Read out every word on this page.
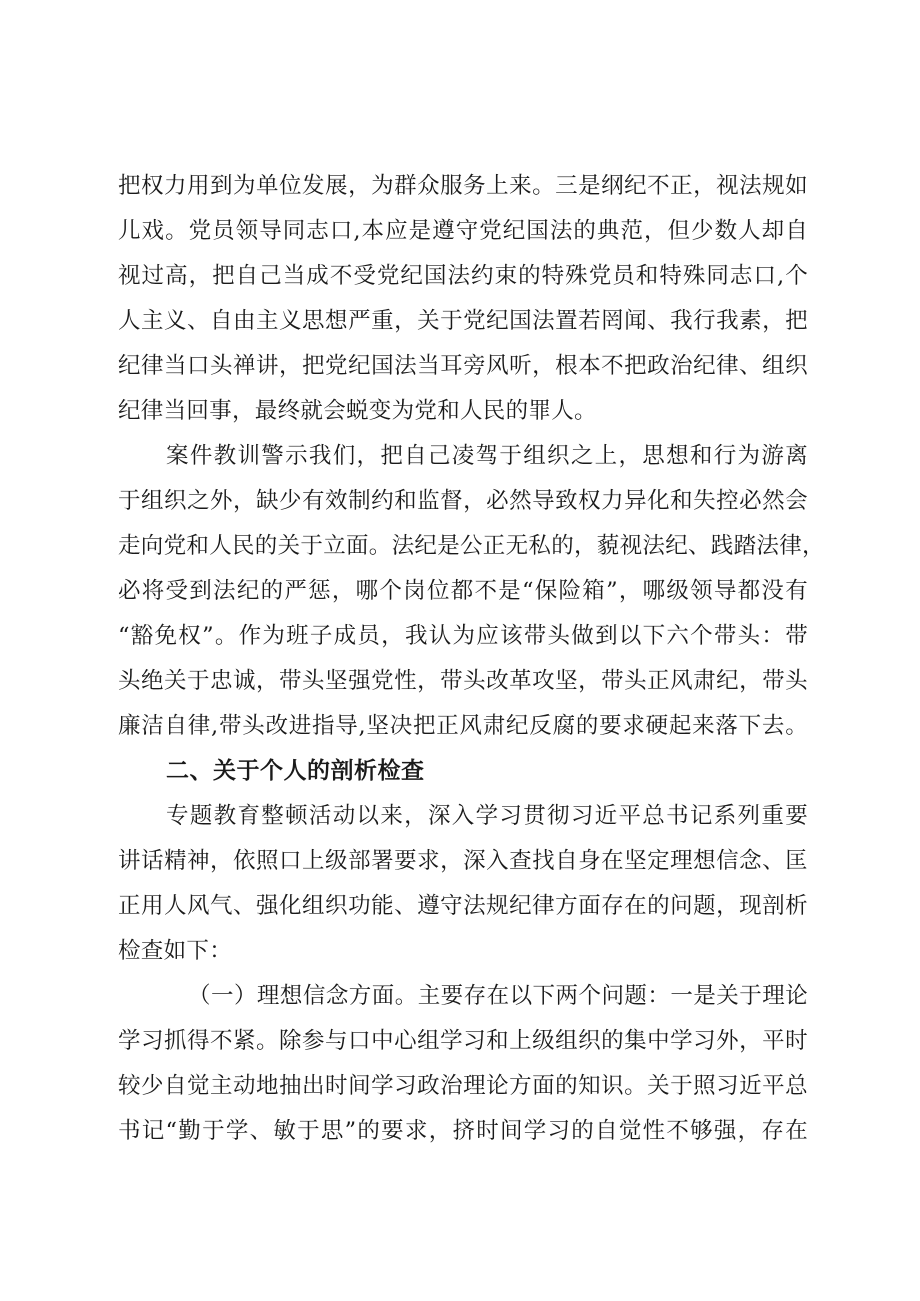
把权力用到为单位发展，为群众服务上来。三是纲纪不正，视法规如
儿戏。党员领导同志口,本应是遵守党纪国法的典范，但少数人却自
视过高，把自己当成不受党纪国法约束的特殊党员和特殊同志口,个
人主义、自由主义思想严重，关于党纪国法置若罔闻、我行我素，把
纪律当口头禅讲，把党纪国法当耳旁风听，根本不把政治纪律、组织
纪律当回事，最终就会蜕变为党和人民的罪人。
案件教训警示我们，把自己凌驾于组织之上，思想和行为游离
于组织之外，缺少有效制约和监督，必然导致权力异化和失控必然会
走向党和人民的关于立面。法纪是公正无私的，藐视法纪、践踏法律，
必将受到法纪的严惩，哪个岗位都不是“保险箱”，哪级领导都没有
“豁免权”。作为班子成员，我认为应该带头做到以下六个带头：带
头绝关于忠诚，带头坚强党性，带头改革攻坚，带头正风肃纪，带头
廉洁自律,带头改进指导,坚决把正风肃纪反腐的要求硬起来落下去。
二、关于个人的剖析检查
专题教育整顿活动以来，深入学习贯彻习近平总书记系列重要
讲话精神，依照口上级部署要求，深入查找自身在坚定理想信念、匡
正用人风气、强化组织功能、遵守法规纪律方面存在的问题，现剖析
检查如下：
（一）理想信念方面。主要存在以下两个问题：一是关于理论
学习抓得不紧。除参与口中心组学习和上级组织的集中学习外，平时
较少自觉主动地抽出时间学习政治理论方面的知识。关于照习近平总
书记“勤于学、敏于思”的要求，挤时间学习的自觉性不够强，存在
